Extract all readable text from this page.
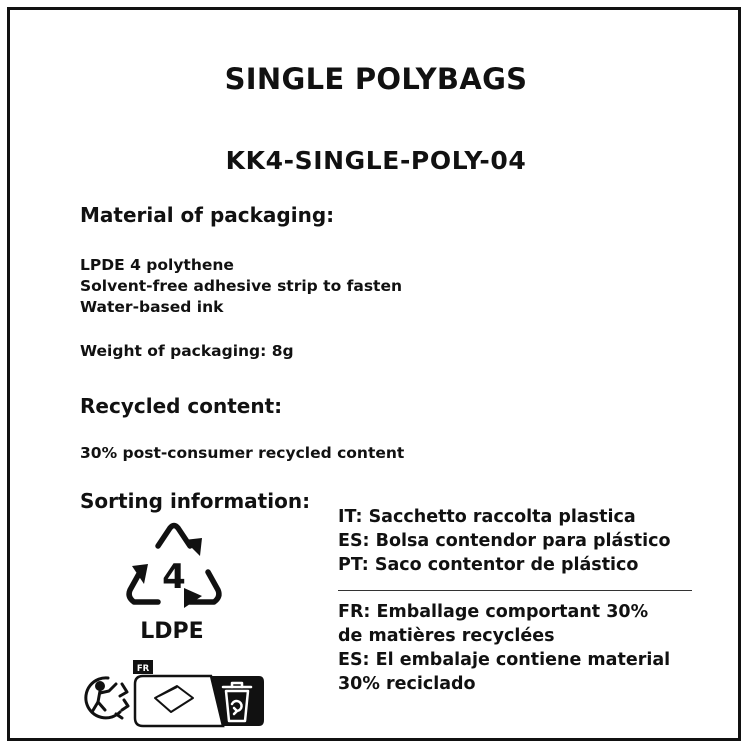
SINGLE POLYBAGS
KK4-SINGLE-POLY-04
Material of packaging:
LPDE 4 polythene
Solvent-free adhesive strip to fasten
Water-based ink
Weight of packaging: 8g
Recycled content:
30% post-consumer recycled content
Sorting information:
4
LDPE
FR
IT: Sacchetto raccolta plastica
ES: Bolsa contendor para plástico
PT: Saco contentor de plástico
FR: Emballage comportant 30%
de matières recyclées
ES: El embalaje contiene material
30% reciclado
